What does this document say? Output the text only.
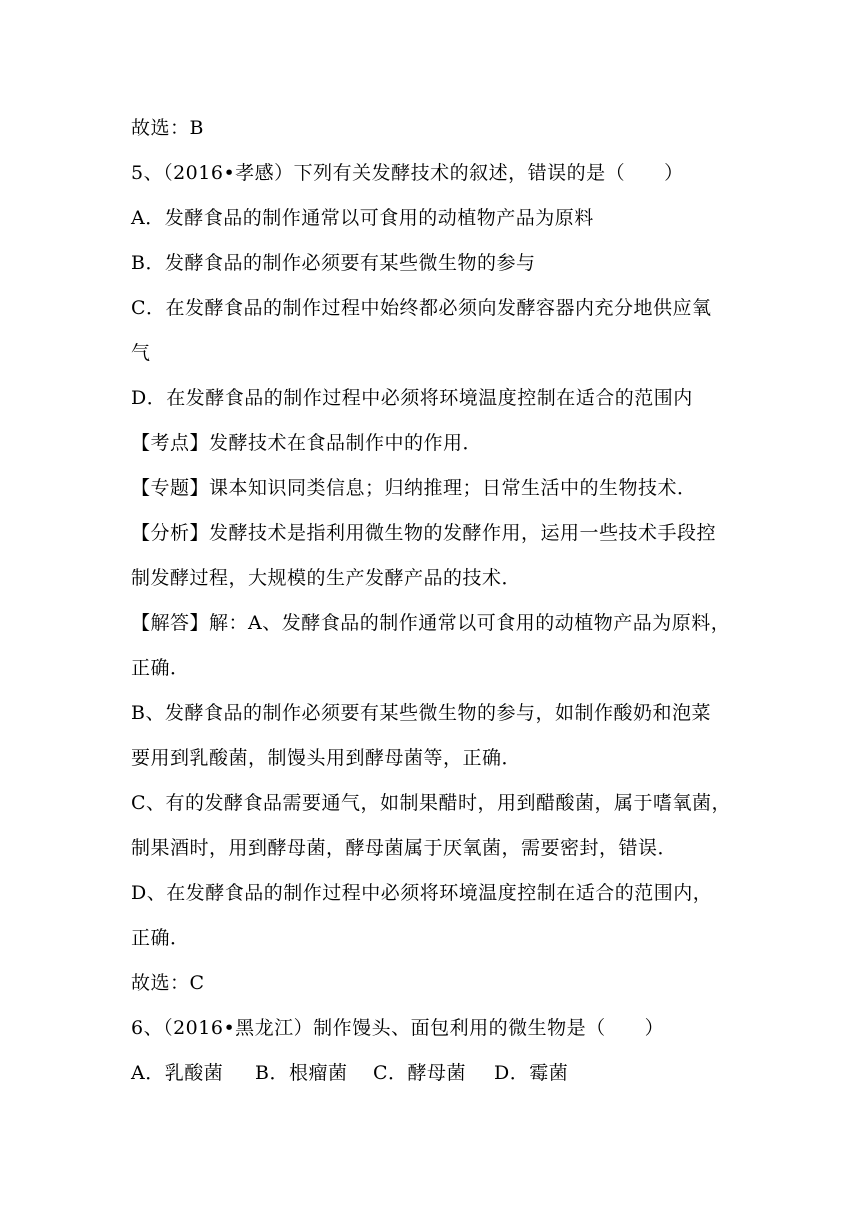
故选：B
5、（2016•孝感）下列有关发酵技术的叙述，错误的是（　　）
A．发酵食品的制作通常以可食用的动植物产品为原料
B．发酵食品的制作必须要有某些微生物的参与
C．在发酵食品的制作过程中始终都必须向发酵容器内充分地供应氧
气
D．在发酵食品的制作过程中必须将环境温度控制在适合的范围内
【考点】发酵技术在食品制作中的作用．
【专题】课本知识同类信息；归纳推理；日常生活中的生物技术．
【分析】发酵技术是指利用微生物的发酵作用，运用一些技术手段控
制发酵过程，大规模的生产发酵产品的技术．
【解答】解：A、发酵食品的制作通常以可食用的动植物产品为原料，
正确．
B、发酵食品的制作必须要有某些微生物的参与，如制作酸奶和泡菜
要用到乳酸菌，制馒头用到酵母菌等，正确．
C、有的发酵食品需要通气，如制果醋时，用到醋酸菌，属于嗜氧菌，
制果酒时，用到酵母菌，酵母菌属于厌氧菌，需要密封，错误．
D、在发酵食品的制作过程中必须将环境温度控制在适合的范围内，
正确．
故选：C
6、（2016•黑龙江）制作馒头、面包利用的微生物是（　　）
A．乳酸菌 B．根瘤菌 C．酵母菌 D．霉菌
